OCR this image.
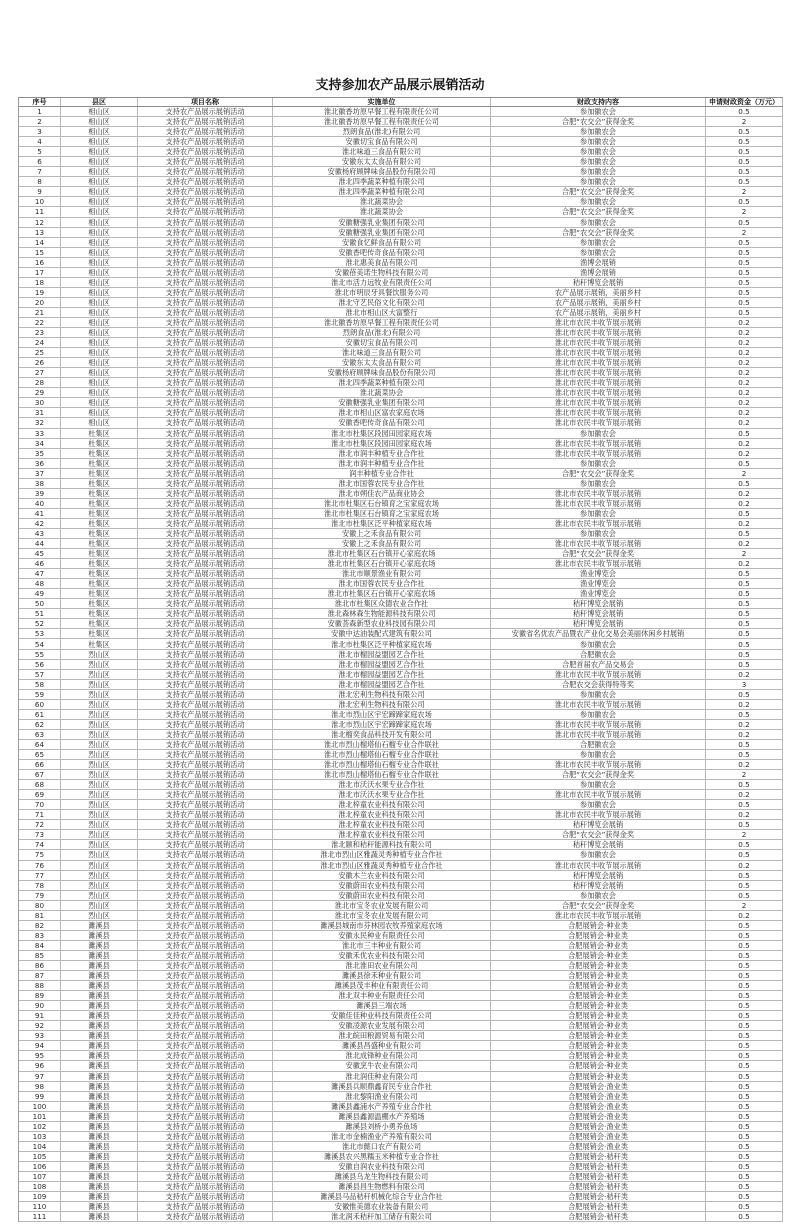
支持参加农产品展示展销活动
序号	县区	项目名称	实施单位	财政支持内容	申请财政资金（万元）
1	相山区	支持农产品展示展销活动	淮北徽香坊原早餐工程有限责任公司	参加徽农会	0.5
2	相山区	支持农产品展示展销活动	淮北徽香坊原早餐工程有限责任公司	合肥“农交会”获得金奖	2
3	相山区	支持农产品展示展销活动	烈朗食品(淮北)有限公司	参加徽农会	0.5
4	相山区	支持农产品展示展销活动	安徽切宝食品有限公司	参加徽农会	0.5
5	相山区	支持农产品展示展销活动	淮北味道三食品有限公司	参加徽农会	0.5
6	相山区	支持农产品展示展销活动	安徽东太太食品有限公司	参加徽农会	0.5
7	相山区	支持农产品展示展销活动	安徽杨府顾牌味食品股份有限公司	参加徽农会	0.5
8	相山区	支持农产品展示展销活动	淮北四季蔬菜种植有限公司	参加徽农会	0.5
9	相山区	支持农产品展示展销活动	淮北四季蔬菜种植有限公司	合肥“农交会”获得金奖	2
10	相山区	支持农产品展示展销活动	淮北蔬菜协会	参加徽农会	0.5
11	相山区	支持农产品展示展销活动	淮北蔬菜协会	合肥“农交会”获得金奖	2
12	相山区	支持农产品展示展销活动	安徽糖强乳业集团有限公司	参加徽农会	0.5
13	相山区	支持农产品展示展销活动	安徽糖强乳业集团有限公司	合肥“农交会”获得金奖	2
14	相山区	支持农产品展示展销活动	安徽食忆鲜食品有限公司	参加徽农会	0.5
15	相山区	支持农产品展示展销活动	安徽香吧传奇食品有限公司	参加徽农会	0.5
16	相山区	支持农产品展示展销活动	淮北惠美食品有限公司	渔博会展销	0.5
17	相山区	支持农产品展示展销活动	安徽蓓美诺生物科技有限公司	渔博会展销	0.5
18	相山区	支持农产品展示展销活动	淮北市活力远牧业有限责任公司	秸秆博览会展销	0.5
19	相山区	支持农产品展示展销活动	淮北市明辰牙具餐饮服务公司	农产品展示展销，美丽乡村	0.5
20	相山区	支持农产品展示展销活动	淮北守艺民俗文化有限公司	农产品展示展销，美丽乡村	0.5
21	相山区	支持农产品展示展销活动	淮北市相山区大富整行	农产品展示展销，美丽乡村	0.5
22	相山区	支持农产品展示展销活动	淮北徽香坊原早餐工程有限责任公司	淮北市农民丰收节展示展销	0.2
23	相山区	支持农产品展示展销活动	烈朗食品(淮北)有限公司	淮北市农民丰收节展示展销	0.2
24	相山区	支持农产品展示展销活动	安徽切宝食品有限公司	淮北市农民丰收节展示展销	0.2
25	相山区	支持农产品展示展销活动	淮北味道三食品有限公司	淮北市农民丰收节展示展销	0.2
26	相山区	支持农产品展示展销活动	安徽东太太食品有限公司	淮北市农民丰收节展示展销	0.2
27	相山区	支持农产品展示展销活动	安徽杨府顾牌味食品股份有限公司	淮北市农民丰收节展示展销	0.2
28	相山区	支持农产品展示展销活动	淮北四季蔬菜种植有限公司	淮北市农民丰收节展示展销	0.2
29	相山区	支持农产品展示展销活动	淮北蔬菜协会	淮北市农民丰收节展示展销	0.2
30	相山区	支持农产品展示展销活动	安徽糖强乳业集团有限公司	淮北市农民丰收节展示展销	0.2
31	相山区	支持农产品展示展销活动	淮北市相山区富农家庭农场	淮北市农民丰收节展示展销	0.2
32	相山区	支持农产品展示展销活动	安徽香吧传奇食品有限公司	淮北市农民丰收节展示展销	0.2
33	杜集区	支持农产品展示展销活动	淮北市杜集区段园田园家庭农场	参加徽农会	0.5
34	杜集区	支持农产品展示展销活动	淮北市杜集区段园田园家庭农场	淮北市农民丰收节展示展销	0.2
35	杜集区	支持农产品展示展销活动	淮北市润丰种植专业合作社	淮北市农民丰收节展示展销	0.2
36	杜集区	支持农产品展示展销活动	淮北市润丰种植专业合作社	参加徽农会	0.5
37	杜集区	支持农产品展示展销活动	润丰种植专业合作社	合肥“农交会”获得金奖	2
38	杜集区	支持农产品展示展销活动	淮北市国蓉农民专业合作社	参加徽农会	0.5
39	杜集区	支持农产品展示展销活动	淮北市朔佳农产品商业协会	淮北市农民丰收节展示展销	0.2
40	杜集区	支持农产品展示展销活动	淮北市杜集区石台镇育之宝家庭农场	淮北市农民丰收节展示展销	0.2
41	杜集区	支持农产品展示展销活动	淮北市杜集区石台镇育之宝家庭农场	参加徽农会	0.5
42	杜集区	支持农产品展示展销活动	淮北市杜集区泛平种植家庭农场	淮北市农民丰收节展示展销	0.2
43	杜集区	支持农产品展示展销活动	安徽上之禾食品有限公司	参加徽农会	0.5
44	杜集区	支持农产品展示展销活动	安徽上之禾食品有限公司	淮北市农民丰收节展示展销	0.2
45	杜集区	支持农产品展示展销活动	淮北市杜集区石台镇开心家庭农场	合肥“农交会”获得金奖	2
46	杜集区	支持农产品展示展销活动	淮北市杜集区石台镇开心家庭农场	淮北市农民丰收节展示展销	0.2
47	杜集区	支持农产品展示展销活动	淮北市顺景渔业有限公司	渔业博览会	0.5
48	杜集区	支持农产品展示展销活动	淮北市国蓉农民专业合作社	渔业博览会	0.5
49	杜集区	支持农产品展示展销活动	淮北市杜集区石台镇开心家庭农场	渔业博览会	0.5
50	杜集区	支持农产品展示展销活动	淮北市杜集区众德农业合作社	秸秆博览会展销	0.5
51	杜集区	支持农产品展示展销活动	淮北森林森生物能源科技有限公司	秸秆博览会展销	0.5
52	杜集区	支持农产品展示展销活动	安徽荟森新型农业科技园有限公司	秸秆博览会展销	0.5
53	杜集区	支持农产品展示展销活动	安徽中达油装配式建筑有限公司	安徽省名优农产品暨农产业化交易会美丽休闲乡村展销	0.5
54	杜集区	支持农产品展示展销活动	淮北市杜集区泛平种植家庭农场	参加徽农会	0.5
55	烈山区	支持农产品展示展销活动	淮北市榴园益盟园艺合作社	合肥徽农会	0.5
56	烈山区	支持农产品展示展销活动	淮北市榴园益盟园艺合作社	合肥首届农产品交易会	0.5
57	烈山区	支持农产品展示展销活动	淮北市榴园益盟园艺合作社	淮北市农民丰收节展示展销	0.2
58	烈山区	支持农产品展示展销活动	淮北市榴园益盟园艺合作社	合肥农交会获得特等奖	3
59	烈山区	支持农产品展示展销活动	淮北宏利生物科技有限公司	参加徽农会	0.5
60	烈山区	支持农产品展示展销活动	淮北宏利生物科技有限公司	淮北市农民丰收节展示展销	0.2
61	烈山区	支持农产品展示展销活动	淮北市烈山区宇宏蹄蹄家庭农场	参加徽农会	0.5
62	烈山区	支持农产品展示展销活动	淮北市烈山区宇宏蹄蹄家庭农场	淮北市农民丰收节展示展销	0.2
63	烈山区	支持农产品展示展销活动	淮北榴奕食品科技开发有限公司	淮北市农民丰收节展示展销	0.2
64	烈山区	支持农产品展示展销活动	淮北市烈山榴塔仙石榴专业合作联社	合肥徽农会	0.5
65	烈山区	支持农产品展示展销活动	淮北市烈山榴塔仙石榴专业合作联社	参加徽农会	0.5
66	烈山区	支持农产品展示展销活动	淮北市烈山榴塔仙石榴专业合作联社	淮北市农民丰收节展示展销	0.2
67	烈山区	支持农产品展示展销活动	淮北市烈山榴塔仙石榴专业合作联社	合肥“农交会”获得金奖	2
68	烈山区	支持农产品展示展销活动	淮北市沃沃水果专业合作社	参加徽农会	0.5
69	烈山区	支持农产品展示展销活动	淮北市沃沃水果专业合作社	淮北市农民丰收节展示展销	0.2
70	烈山区	支持农产品展示展销活动	淮北梓童农业科技有限公司	参加徽农会	0.5
71	烈山区	支持农产品展示展销活动	淮北梓童农业科技有限公司	淮北市农民丰收节展示展销	0.2
72	烈山区	支持农产品展示展销活动	淮北梓童农业科技有限公司	秸秆博览会展销	0.5
73	烈山区	支持农产品展示展销活动	淮北梓童农业科技有限公司	合肥“农交会”获得金奖	2
74	烈山区	支持农产品展示展销活动	淮北颐和秸秆能源科技有限公司	秸秆博览会展销	0.5
75	烈山区	支持农产品展示展销活动	淮北市烈山区雅蔬灵秀种植专业合作社	参加徽农会	0.5
76	烈山区	支持农产品展示展销活动	淮北市烈山区雅蔬灵秀种植专业合作社	淮北市农民丰收节展示展销	0.2
77	烈山区	支持农产品展示展销活动	安徽木兰农业科技有限公司	秸秆博览会展销	0.5
78	烈山区	支持农产品展示展销活动	安徽蔚田农业科技有限公司	秸秆博览会展销	0.5
79	烈山区	支持农产品展示展销活动	安徽蔚田农业科技有限公司	参加徽农会	0.5
80	烈山区	支持农产品展示展销活动	淮北市宝冬农业发展有限公司	合肥“农交会”获得金奖	2
81	烈山区	支持农产品展示展销活动	淮北市宝冬农业发展有限公司	淮北市农民丰收节展示展销	0.2
82	濉溪县	支持农产品展示展销活动	濉溪县城南市芬林园农牧养殖家庭农场	合肥展销会·种业类	0.5
83	濉溪县	支持农产品展示展销活动	安徽永民种业有限责任公司	合肥展销会·种业类	0.5
84	濉溪县	支持农产品展示展销活动	淮北市三丰种业有限公司	合肥展销会·种业类	0.5
85	濉溪县	支持农产品展示展销活动	安徽禾优农业科技有限公司	合肥展销会·种业类	0.5
86	濉溪县	支持农产品展示展销活动	淮北淮田农业有限公司	合肥展销会·种业类	0.5
87	濉溪县	支持农产品展示展销活动	濉溪县徐禾种业有限公司	合肥展销会·种业类	0.5
88	濉溪县	支持农产品展示展销活动	濉溪县茂丰种业有限责任公司	合肥展销会·种业类	0.5
89	濉溪县	支持农产品展示展销活动	淮北双丰种业有限责任公司	合肥展销会·种业类	0.5
90	濉溪县	支持农产品展示展销活动	濉溪县三端农场	合肥展销会·种业类	0.5
91	濉溪县	支持农产品展示展销活动	安徽佳佳种业科技有限责任公司	合肥展销会·种业类	0.5
92	濉溪县	支持农产品展示展销活动	安徽凌源农业发展有限公司	合肥展销会·种业类	0.5
93	濉溪县	支持农产品展示展销活动	淮北皖田粮源贸易有限公司	合肥展销会·种业类	0.5
94	濉溪县	支持农产品展示展销活动	濉溪县昌盛种业有限公司	合肥展销会·种业类	0.5
95	濉溪县	支持农产品展示展销活动	淮北成锋种业有限公司	合肥展销会·种业类	0.5
96	濉溪县	支持农产品展示展销活动	安徽烹牛农业有限公司	合肥展销会·种业类	0.5
97	濉溪县	支持农产品展示展销活动	淮北润佳种业有限公司	合肥展销会·种业类	0.5
98	濉溪县	支持农产品展示展销活动	濉溪县兵顺鼎鑫育民专业合作社	合肥展销会·渔业类	0.5
99	濉溪县	支持农产品展示展销活动	淮北黎阳渔业有限公司	合肥展销会·渔业类	0.5
100	濉溪县	支持农产品展示展销活动	濉溪县鑫浦水产养殖专业合作社	合肥展销会·渔业类	0.5
101	濉溪县	支持农产品展示展销活动	濉溪县鑫源温棚水产养殖场	合肥展销会·渔业类	0.5
102	濉溪县	支持农产品展示展销活动	濉溪县刘桥小勇养鱼场	合肥展销会·渔业类	0.5
103	濉溪县	支持农产品展示展销活动	淮北市金楠渔业产养殖有限公司	合肥展销会·渔业类	0.5
104	濉溪县	支持农产品展示展销活动	淮北市懿口农产有限公司	合肥展销会·渔业类	0.5
105	濉溪县	支持农产品展示展销活动	濉溪县农兴黑糯玉米种植专业合作社	合肥展销会·秸秆类	0.5
106	濉溪县	支持农产品展示展销活动	安徽自润农业科技有限公司	合肥展销会·秸秆类	0.5
107	濉溪县	支持农产品展示展销活动	濉溪县乌龙生物科技有限公司	合肥展销会·秸秆类	0.5
108	濉溪县	支持农产品展示展销活动	濉溪县昌生物燃料有限公司	合肥展销会·秸秆类	0.5
109	濉溪县	支持农产品展示展销活动	濉溪县马品秸秆机械化综合专业合作社	合肥展销会·秸秆类	0.5
110	濉溪县	支持农产品展示展销活动	安徽惟美德农业装备有限公司	合肥展销会·秸秆类	0.5
111	濉溪县	支持农产品展示展销活动	淮北润禾秸秆加工储存有限公司	合肥展销会·秸秆类	0.5
